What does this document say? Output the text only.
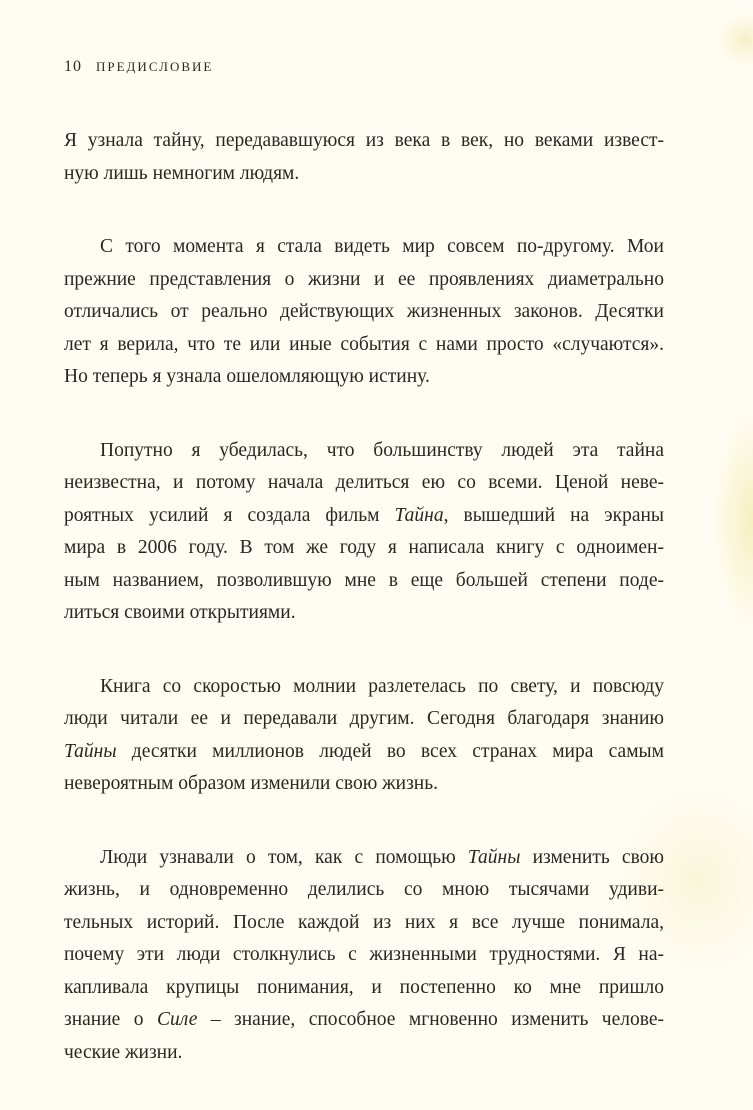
10 ПРЕДИСЛОВИЕ

Я узнала тайну, передававшуюся из века в век, но веками извест-
ную лишь немногим людям.

С того момента я стала видеть мир совсем по-другому. Мои
прежние представления о жизни и ее проявлениях диаметрально
отличались от реально действующих жизненных законов. Десятки
лет я верила, что те или иные события с нами просто «случаются».
Но теперь я узнала ошеломляющую истину.

Попутно я убедилась, что большинству людей эта тайна
неизвестна, и потому начала делиться ею со всеми. Ценой неве-
роятных усилий я создала фильм Тайна, вышедший на экраны
мира в 2006 году. В том же году я написала книгу с одноимен-
ным названием, позволившую мне в еще большей степени поде-
литься своими открытиями.

Книга со скоростью молнии разлетелась по свету, и повсюду
люди читали ее и передавали другим. Сегодня благодаря знанию
Тайны десятки миллионов людей во всех странах мира самым
невероятным образом изменили свою жизнь.

Люди узнавали о том, как с помощью Тайны изменить свою
жизнь, и одновременно делились со мною тысячами удиви-
тельных историй. После каждой из них я все лучше понимала,
почему эти люди столкнулись с жизненными трудностями. Я на-
капливала крупицы понимания, и постепенно ко мне пришло
знание о Силе – знание, способное мгновенно изменить челове-
ческие жизни.
